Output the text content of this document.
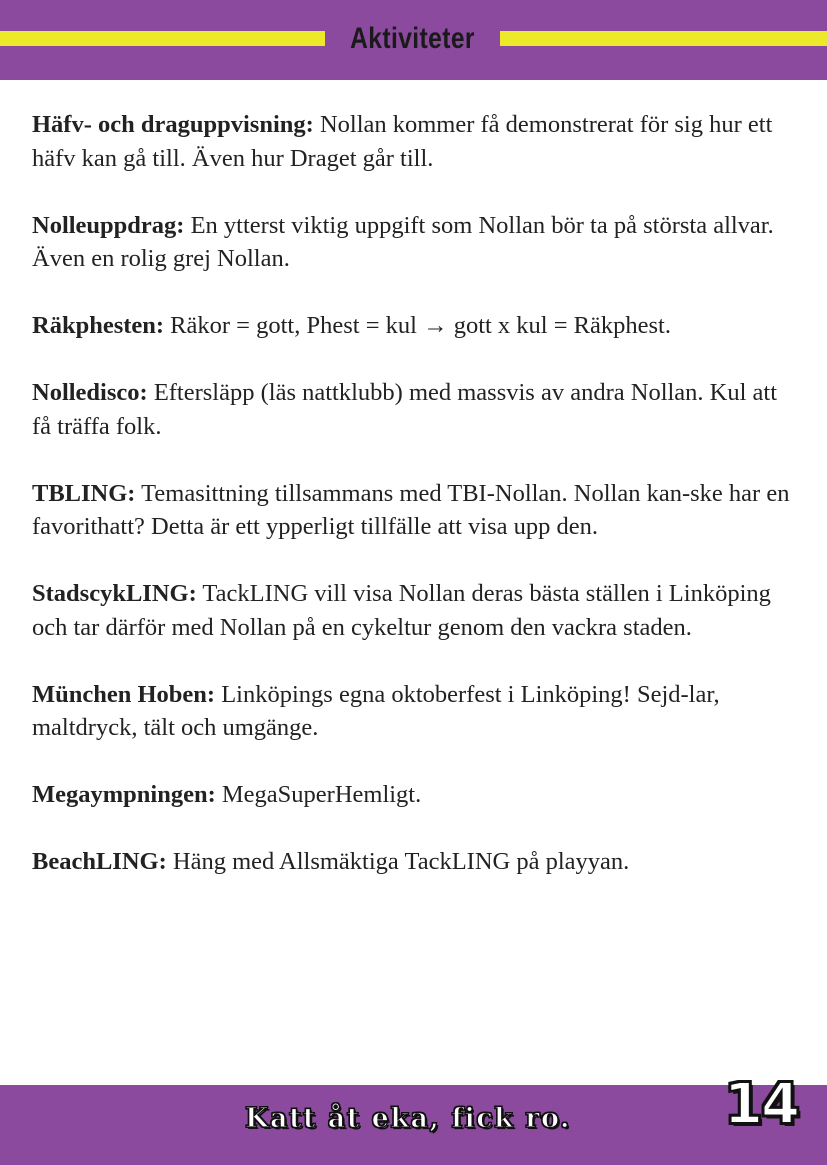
Aktiviteter

Häfv- och draguppvisning: Nollan kommer få demonstrerat för sig hur ett häfv kan gå till. Även hur Draget går till.

Nolleuppdrag: En ytterst viktig uppgift som Nollan bör ta på största allvar. Även en rolig grej Nollan.

Räkphesten: Räkor = gott, Phest = kul → gott x kul = Räkphest.

Nolledisco: Eftersläpp (läs nattklubb) med massvis av andra Nollan. Kul att få träffa folk.

TBLING: Temasittning tillsammans med TBI-Nollan. Nollan kan-ske har en favorithatt? Detta är ett ypperligt tillfälle att visa upp den.

StadscykLING: TackLING vill visa Nollan deras bästa ställen i Linköping och tar därför med Nollan på en cykeltur genom den vackra staden.

München Hoben: Linköpings egna oktoberfest i Linköping! Sejd-lar, maltdryck, tält och umgänge.

Megaympningen: MegaSuperHemligt.

BeachLING: Häng med Allsmäktiga TackLING på playyan.

Katt åt eka, fick ro.	14
